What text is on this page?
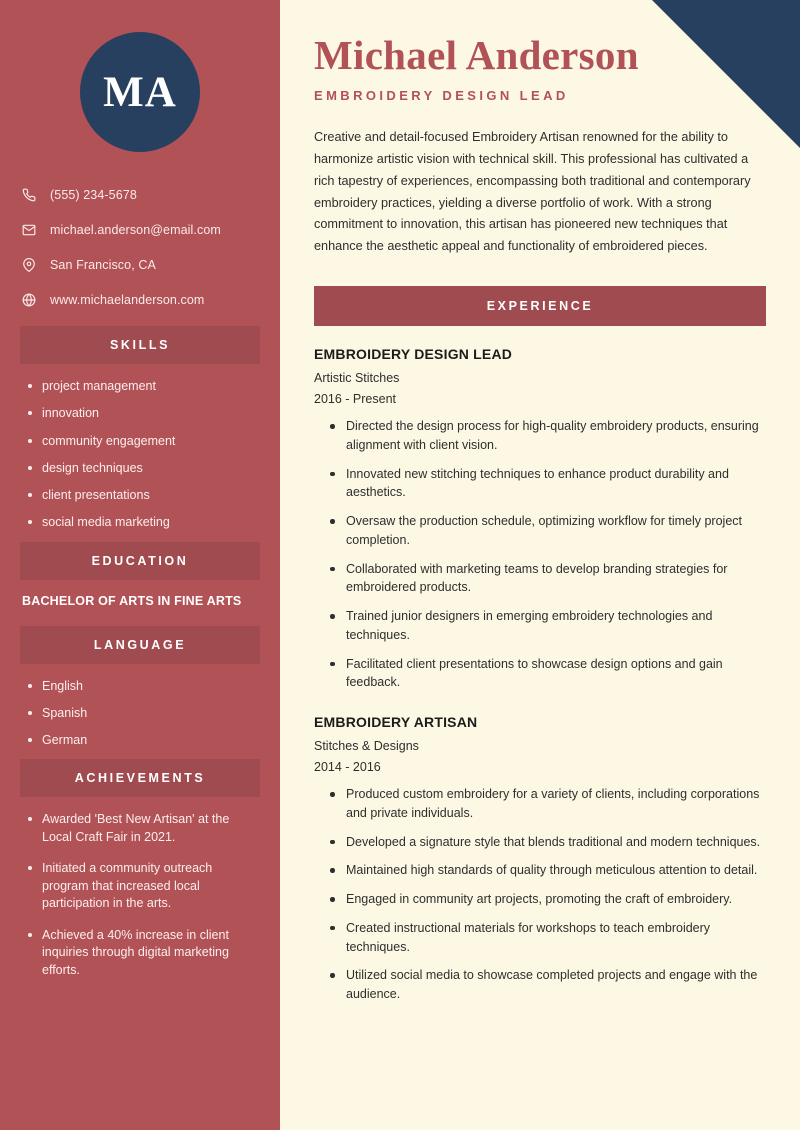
MA
(555) 234-5678
michael.anderson@email.com
San Francisco, CA
www.michaelanderson.com
SKILLS
project management
innovation
community engagement
design techniques
client presentations
social media marketing
EDUCATION
BACHELOR OF ARTS IN FINE ARTS
LANGUAGE
English
Spanish
German
ACHIEVEMENTS
Awarded 'Best New Artisan' at the Local Craft Fair in 2021.
Initiated a community outreach program that increased local participation in the arts.
Achieved a 40% increase in client inquiries through digital marketing efforts.
Michael Anderson
EMBROIDERY DESIGN LEAD

Creative and detail-focused Embroidery Artisan renowned for the ability to harmonize artistic vision with technical skill. This professional has cultivated a rich tapestry of experiences, encompassing both traditional and contemporary embroidery practices, yielding a diverse portfolio of work. With a strong commitment to innovation, this artisan has pioneered new techniques that enhance the aesthetic appeal and functionality of embroidered pieces.

EXPERIENCE
EMBROIDERY DESIGN LEAD
Artistic Stitches
2016 - Present
Directed the design process for high-quality embroidery products, ensuring alignment with client vision.
Innovated new stitching techniques to enhance product durability and aesthetics.
Oversaw the production schedule, optimizing workflow for timely project completion.
Collaborated with marketing teams to develop branding strategies for embroidered products.
Trained junior designers in emerging embroidery technologies and techniques.
Facilitated client presentations to showcase design options and gain feedback.
EMBROIDERY ARTISAN
Stitches & Designs
2014 - 2016
Produced custom embroidery for a variety of clients, including corporations and private individuals.
Developed a signature style that blends traditional and modern techniques.
Maintained high standards of quality through meticulous attention to detail.
Engaged in community art projects, promoting the craft of embroidery.
Created instructional materials for workshops to teach embroidery techniques.
Utilized social media to showcase completed projects and engage with the audience.
